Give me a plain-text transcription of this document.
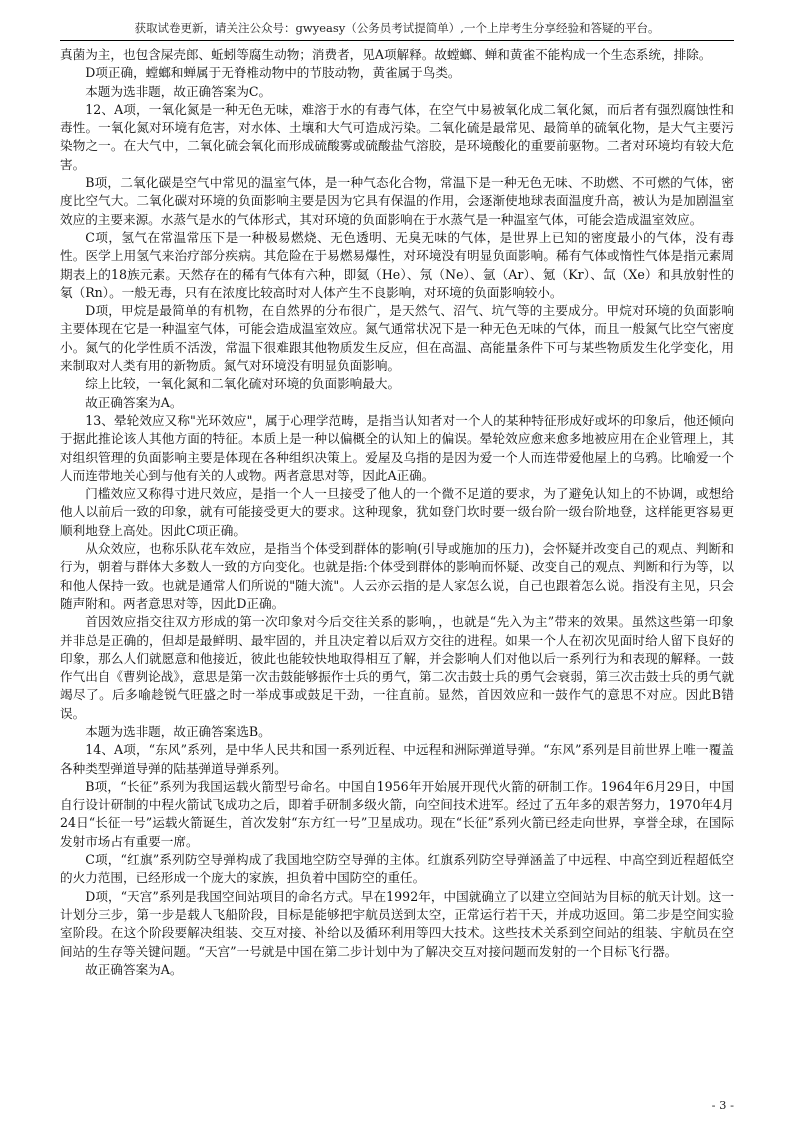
获取试卷更新，请关注公众号：gwyeasy（公务员考试提简单）,一个上岸考生分享经验和答疑的平台。

真菌为主，也包含屎壳郎、蚯蚓等腐生动物；消费者，见A项解释。故螳螂、蝉和黄雀不能构成一个生态系统，排除。

D项正确，螳螂和蝉属于无脊椎动物中的节肢动物，黄雀属于鸟类。

本题为选非题，故正确答案为C。

12、A项，一氧化氮是一种无色无味，难溶于水的有毒气体，在空气中易被氧化成二氧化氮，而后者有强烈腐蚀性和毒性。一氧化氮对环境有危害，对水体、土壤和大气可造成污染。二氧化硫是最常见、最简单的硫氧化物，是大气主要污染物之一。在大气中，二氧化硫会氧化而形成硫酸雾或硫酸盐气溶胶，是环境酸化的重要前驱物。二者对环境均有较大危害。

B项，二氧化碳是空气中常见的温室气体，是一种气态化合物，常温下是一种无色无味、不助燃、不可燃的气体，密度比空气大。二氧化碳对环境的负面影响主要是因为它具有保温的作用，会逐渐使地球表面温度升高，被认为是加剧温室效应的主要来源。水蒸气是水的气体形式，其对环境的负面影响在于水蒸气是一种温室气体，可能会造成温室效应。

C项，氢气在常温常压下是一种极易燃烧、无色透明、无臭无味的气体，是世界上已知的密度最小的气体，没有毒性。医学上用氢气来治疗部分疾病。其危险在于易燃易爆性，对环境没有明显负面影响。稀有气体或惰性气体是指元素周期表上的18族元素。天然存在的稀有气体有六种，即氦（He）、氖（Ne）、氩（Ar）、氪（Kr）、氙（Xe）和具放射性的氡（Rn）。一般无毒，只有在浓度比较高时对人体产生不良影响，对环境的负面影响较小。

D项，甲烷是最简单的有机物，在自然界的分布很广，是天然气、沼气、坑气等的主要成分。甲烷对环境的负面影响主要体现在它是一种温室气体，可能会造成温室效应。氮气通常状况下是一种无色无味的气体，而且一般氮气比空气密度小。氮气的化学性质不活泼，常温下很难跟其他物质发生反应，但在高温、高能量条件下可与某些物质发生化学变化，用来制取对人类有用的新物质。氮气对环境没有明显负面影响。

综上比较，一氧化氮和二氧化硫对环境的负面影响最大。

故正确答案为A。

13、晕轮效应又称"光环效应"，属于心理学范畴，是指当认知者对一个人的某种特征形成好或坏的印象后，他还倾向于据此推论该人其他方面的特征。本质上是一种以偏概全的认知上的偏误。晕轮效应愈来愈多地被应用在企业管理上，其对组织管理的负面影响主要是体现在各种组织决策上。爱屋及乌指的是因为爱一个人而连带爱他屋上的乌鸦。比喻爱一个人而连带地关心到与他有关的人或物。两者意思对等，因此A正确。

门槛效应又称得寸进尺效应，是指一个人一旦接受了他人的一个微不足道的要求，为了避免认知上的不协调，或想给他人以前后一致的印象，就有可能接受更大的要求。这种现象，犹如登门坎时要一级台阶一级台阶地登，这样能更容易更顺利地登上高处。因此C项正确。

从众效应，也称乐队花车效应，是指当个体受到群体的影响(引导或施加的压力)，会怀疑并改变自己的观点、判断和行为，朝着与群体大多数人一致的方向变化。也就是指:个体受到群体的影响而怀疑、改变自己的观点、判断和行为等，以和他人保持一致。也就是通常人们所说的"随大流"。人云亦云指的是人家怎么说，自己也跟着怎么说。指没有主见，只会随声附和。两者意思对等，因此D正确。

首因效应指交往双方形成的第一次印象对今后交往关系的影响，，也就是“先入为主”带来的效果。虽然这些第一印象并非总是正确的，但却是最鲜明、最牢固的，并且决定着以后双方交往的进程。如果一个人在初次见面时给人留下良好的印象，那么人们就愿意和他接近，彼此也能较快地取得相互了解，并会影响人们对他以后一系列行为和表现的解释。一鼓作气出自《曹刿论战》，意思是第一次击鼓能够振作士兵的勇气，第二次击鼓士兵的勇气会衰弱，第三次击鼓士兵的勇气就竭尽了。后多喻趁锐气旺盛之时一举成事或鼓足干劲，一往直前。显然，首因效应和一鼓作气的意思不对应。因此B错误。

本题为选非题，故正确答案选B。

14、A项，“东风”系列，是中华人民共和国一系列近程、中远程和洲际弹道导弹。“东风”系列是目前世界上唯一覆盖各种类型弹道导弹的陆基弹道导弹系列。

B项，“长征”系列为我国运载火箭型号命名。中国自1956年开始展开现代火箭的研制工作。1964年6月29日，中国自行设计研制的中程火箭试飞成功之后，即着手研制多级火箭，向空间技术进军。经过了五年多的艰苦努力，1970年4月24日“长征一号”运载火箭诞生，首次发射“东方红一号”卫星成功。现在“长征”系列火箭已经走向世界，享誉全球，在国际发射市场占有重要一席。

C项，“红旗”系列防空导弹构成了我国地空防空导弹的主体。红旗系列防空导弹涵盖了中远程、中高空到近程超低空的火力范围，已经形成一个庞大的家族，担负着中国防空的重任。

D项，“天宫”系列是我国空间站项目的命名方式。早在1992年，中国就确立了以建立空间站为目标的航天计划。这一计划分三步，第一步是载人飞船阶段，目标是能够把宇航员送到太空，正常运行若干天，并成功返回。第二步是空间实验室阶段。在这个阶段要解决组装、交互对接、补给以及循环利用等四大技术。这些技术关系到空间站的组装、宇航员在空间站的生存等关键问题。“天宫”一号就是中国在第二步计划中为了解决交互对接问题而发射的一个目标飞行器。

故正确答案为A。

- 3 -
